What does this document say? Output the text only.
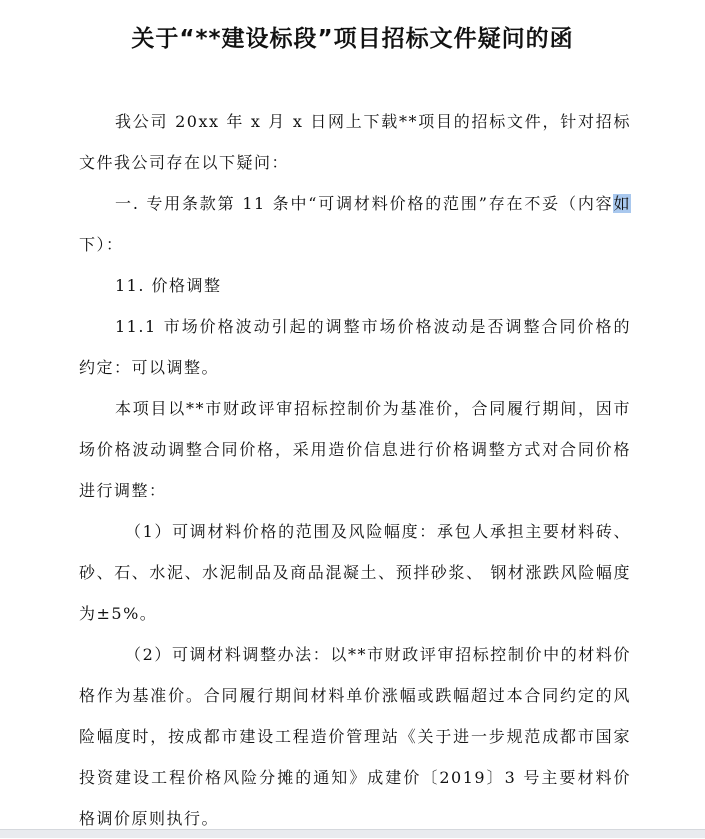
关于“**建设标段”项目招标文件疑问的函

我公司 20xx 年 x 月 x 日网上下载**项目的招标文件，针对招标文件我公司存在以下疑问：

一. 专用条款第 11 条中“可调材料价格的范围”存在不妥（内容如下）：

11. 价格调整

11.1 市场价格波动引起的调整市场价格波动是否调整合同价格的约定：可以调整。

本项目以**市财政评审招标控制价为基准价，合同履行期间，因市场价格波动调整合同价格，采用造价信息进行价格调整方式对合同价格进行调整：

（1）可调材料价格的范围及风险幅度：承包人承担主要材料砖、砂、石、水泥、水泥制品及商品混凝土、预拌砂浆、 钢材涨跌风险幅度为±5%。

（2）可调材料调整办法：以**市财政评审招标控制价中的材料价格作为基准价。合同履行期间材料单价涨幅或跌幅超过本合同约定的风险幅度时，按成都市建设工程造价管理站《关于进一步规范成都市国家投资建设工程价格风险分摊的通知》成建价〔2019〕3 号主要材料价格调价原则执行。
